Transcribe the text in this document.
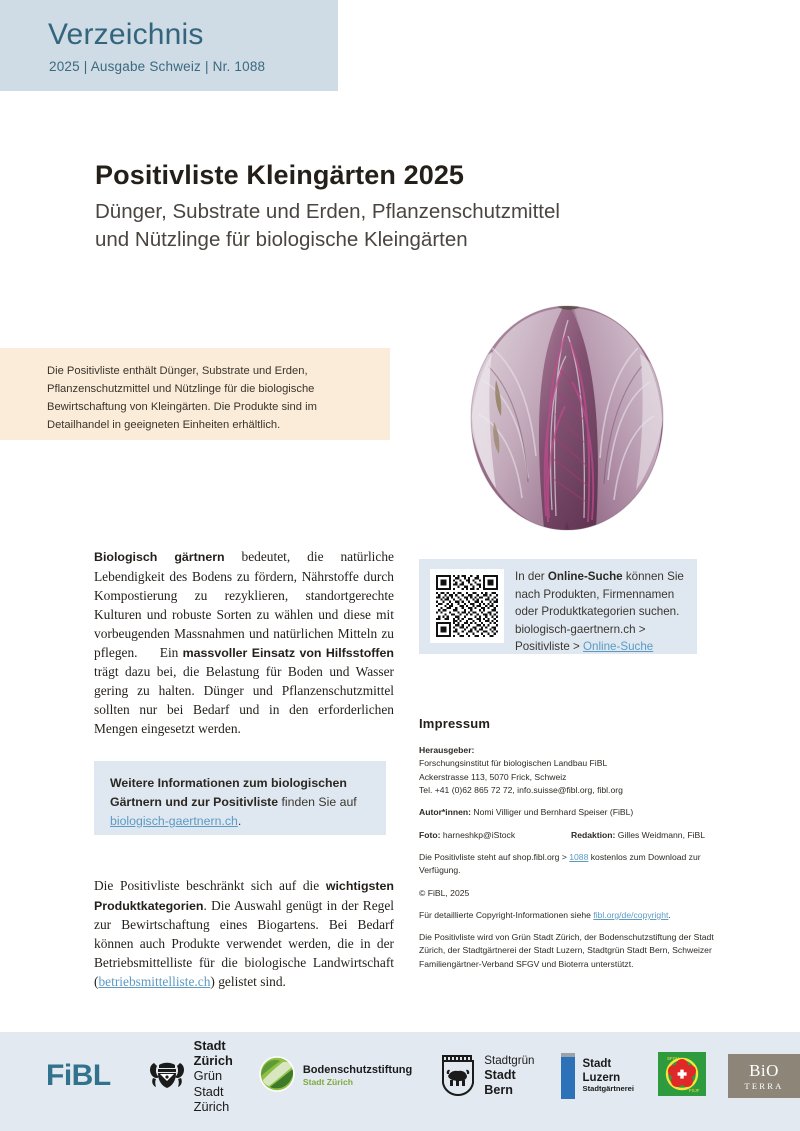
Verzeichnis
2025 | Ausgabe Schweiz | Nr. 1088
Positivliste Kleingärten 2025

Dünger, Substrate und Erden, Pflanzenschutzmittel
und Nützlinge für biologische Kleingärten

Die Positivliste enthält Dünger, Substrate und Erden, Pflanzenschutzmittel und Nützlinge für die biologische Bewirtschaftung von Kleingärten. Die Produkte sind im Detailhandel in geeigneten Einheiten erhältlich.

Biologisch gärtnern bedeutet, die natürliche Lebendigkeit des Bodens zu fördern, Nährstoffe durch Kompostierung zu rezyklieren, standortgerechte Kulturen und robuste Sorten zu wählen und diese mit vorbeugenden Massnahmen und natürlichen Mitteln zu pflegen. Ein massvoller Einsatz von Hilfsstoffen trägt dazu bei, die Belastung für Boden und Wasser gering zu halten. Dünger und Pflanzenschutzmittel sollten nur bei Bedarf und in den erforderlichen Mengen eingesetzt werden.

Weitere Informationen zum biologischen Gärtnern und zur Positivliste finden Sie auf biologisch-gaertnern.ch.

Die Positivliste beschränkt sich auf die wichtigsten Produktkategorien. Die Auswahl genügt in der Regel zur Bewirtschaftung eines Biogartens. Bei Bedarf können auch Produkte verwendet werden, die in der Betriebsmittelliste für die biologische Landwirtschaft (betriebsmittelliste.ch) gelistet sind.

In der Online-Suche können Sie nach Produkten, Firmennamen oder Produktkategorien suchen. biologisch-gaertnern.ch > Positivliste > Online-Suche

Impressum

Herausgeber:
Forschungsinstitut für biologischen Landbau FiBL
Ackerstrasse 113, 5070 Frick, Schweiz
Tel. +41 (0)62 865 72 72, info.suisse@fibl.org, fibl.org

Autor*innen: Nomi Villiger und Bernhard Speiser (FiBL)

Foto: harneshkp@iStock	Redaktion: Gilles Weidmann, FiBL

Die Positivliste steht auf shop.fibl.org > 1088 kostenlos zum Download zur Verfügung.

© FiBL, 2025

Für detaillierte Copyright-Informationen siehe fibl.org/de/copyright.

Die Positivliste wird von Grün Stadt Zürich, der Bodenschutzstiftung der Stadt Zürich, der Stadtgärtnerei der Stadt Luzern, Stadtgrün Stadt Bern, Schweizer Familiengärtner-Verband SFGV und Bioterra unterstützt.

FiBL
Stadt Zürich
Grün Stadt Zürich
Bodenschutzstiftung
Stadt Zürich
Stadtgrün
Stadt Bern
Stadt
Luzern
Stadtgärtnerei
SFGV
FSJF
BiO
TERRA
